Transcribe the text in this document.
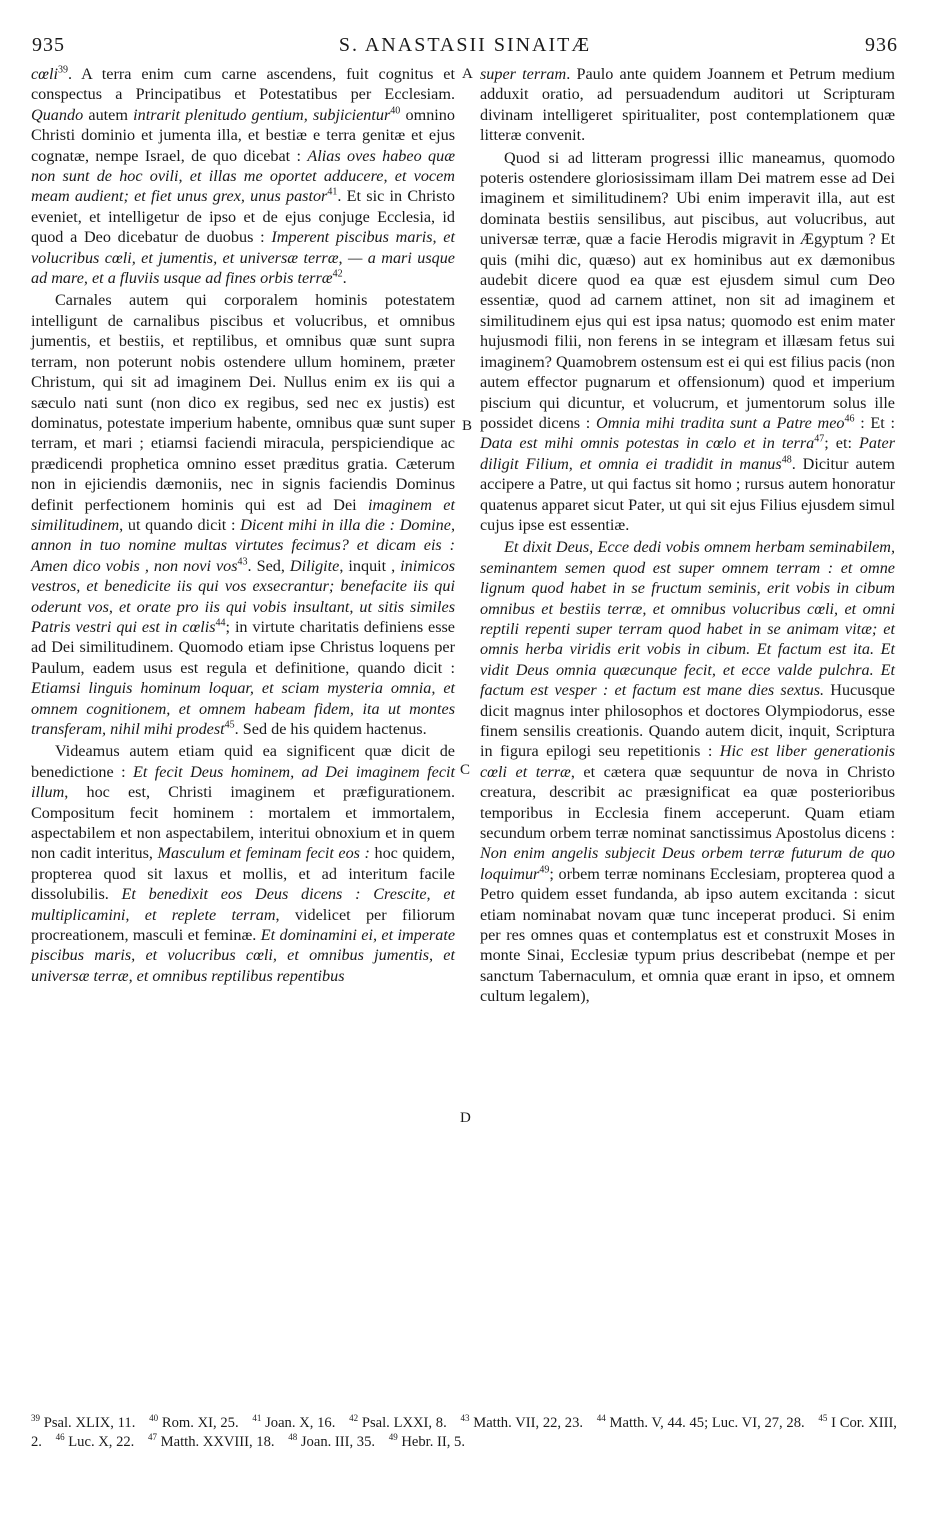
935	S. ANASTASII SINAITÆ	936
A
B
C
D

cœli$^{39}$. A terra enim cum carne ascendens, fuit cognitus et conspectus a Principatibus et Potestatibus per Ecclesiam. Quando autem intrarit plenitudo gentium, subjicientur$^{40}$ omnino Christi dominio et jumenta illa, et bestiæ e terra genitæ et ejus cognatæ, nempe Israel, de quo dicebat : Alias oves habeo quæ non sunt de hoc ovili, et illas me oportet adducere, et vocem meam audient; et fiet unus grex, unus pastor$^{41}$. Et sic in Christo eveniet, et intelligetur de ipso et de ejus conjuge Ecclesia, id quod a Deo dicebatur de duobus : Imperent piscibus maris, et volucribus cœli, et jumentis, et universæ terræ, — a mari usque ad mare, et a fluviis usque ad fines orbis terræ$^{42}$.

Carnales autem qui corporalem hominis potestatem intelligunt de carnalibus piscibus et volucribus, et omnibus jumentis, et bestiis, et reptilibus, et omnibus quæ sunt supra terram, non poterunt nobis ostendere ullum hominem, præter Christum, qui sit ad imaginem Dei. Nullus enim ex iis qui a sæculo nati sunt (non dico ex regibus, sed nec ex justis) est dominatus, potestate imperium habente, omnibus quæ sunt super terram, et mari ; etiamsi faciendi miracula, perspiciendique ac prædicendi prophetica omnino esset præditus gratia. Cæterum non in ejiciendis dæmoniis, nec in signis faciendis Dominus definit perfectionem hominis qui est ad Dei imaginem et similitudinem, ut quando dicit : Dicent mihi in illa die : Domine, annon in tuo nomine multas virtutes fecimus? et dicam eis : Amen dico vobis , non novi vos$^{43}$. Sed, Diligite, inquit , inimicos vestros, et benedicite iis qui vos exsecrantur; benefacite iis qui oderunt vos, et orate pro iis qui vobis insultant, ut sitis similes Patris vestri qui est in cœlis$^{44}$; in virtute charitatis definiens esse ad Dei similitudinem. Quomodo etiam ipse Christus loquens per Paulum, eadem usus est regula et definitione, quando dicit : Etiamsi linguis hominum loquar, et sciam mysteria omnia, et omnem cognitionem, et omnem habeam fidem, ita ut montes transferam, nihil mihi prodest$^{45}$. Sed de his quidem hactenus.

Videamus autem etiam quid ea significent quæ dicit de benedictione : Et fecit Deus hominem, ad Dei imaginem fecit illum, hoc est, Christi imaginem et præfigurationem. Compositum fecit hominem : mortalem et immortalem, aspectabilem et non aspectabilem, interitui obnoxium et in quem non cadit interitus, Masculum et feminam fecit eos : hoc quidem, propterea quod sit laxus et mollis, et ad interitum facile dissolubilis. Et benedixit eos Deus dicens : Crescite, et multiplicamini, et replete terram, videlicet per filiorum procreationem, masculi et feminæ. Et dominamini ei, et imperate piscibus maris, et volucribus cœli, et omnibus jumentis, et universæ terræ, et omnibus reptilibus repentibus

super terram. Paulo ante quidem Joannem et Petrum medium adduxit oratio, ad persuadendum auditori ut Scripturam divinam intelligeret spiritualiter, post contemplationem quæ litteræ convenit.

Quod si ad litteram progressi illic maneamus, quomodo poteris ostendere gloriosissimam illam Dei matrem esse ad Dei imaginem et similitudinem? Ubi enim imperavit illa, aut est dominata bestiis sensilibus, aut piscibus, aut volucribus, aut universæ terræ, quæ a facie Herodis migravit in Ægyptum ? Et quis (mihi dic, quæso) aut ex hominibus aut ex dæmonibus audebit dicere quod ea quæ est ejusdem simul cum Deo essentiæ, quod ad carnem attinet, non sit ad imaginem et similitudinem ejus qui est ipsa natus; quomodo est enim mater hujusmodi filii, non ferens in se integram et illæsam fetus sui imaginem? Quamobrem ostensum est ei qui est filius pacis (non autem effector pugnarum et offensionum) quod et imperium piscium qui dicuntur, et volucrum, et jumentorum solus ille possidet dicens : Omnia mihi tradita sunt a Patre meo$^{46}$ : Et : Data est mihi omnis potestas in cœlo et in terra$^{47}$; et: Pater diligit Filium, et omnia ei tradidit in manus$^{48}$. Dicitur autem accipere a Patre, ut qui factus sit homo ; rursus autem honoratur quatenus apparet sicut Pater, ut qui sit ejus Filius ejusdem simul cujus ipse est essentiæ.

Et dixit Deus, Ecce dedi vobis omnem herbam seminabilem, seminantem semen quod est super omnem terram : et omne lignum quod habet in se fructum seminis, erit vobis in cibum omnibus et bestiis terræ, et omnibus volucribus cœli, et omni reptili repenti super terram quod habet in se animam vitæ; et omnis herba viridis erit vobis in cibum. Et factum est ita. Et vidit Deus omnia quæcunque fecit, et ecce valde pulchra. Et factum est vesper : et factum est mane dies sextus. Hucusque dicit magnus inter philosophos et doctores Olympiodorus, esse finem sensilis creationis. Quando autem dicit, inquit, Scriptura in figura epilogi seu repetitionis : Hic est liber generationis cœli et terræ, et cætera quæ sequuntur de nova in Christo creatura, describit ac præsignificat ea quæ posterioribus temporibus in Ecclesia finem acceperunt. Quam etiam secundum orbem terræ nominat sanctissimus Apostolus dicens : Non enim angelis subjecit Deus orbem terræ futurum de quo loquimur$^{49}$; orbem terræ nominans Ecclesiam, propterea quod a Petro quidem esset fundanda, ab ipso autem excitanda : sicut etiam nominabat novam quæ tunc inceperat produci. Si enim per res omnes quas et contemplatus est et construxit Moses in monte Sinai, Ecclesiæ typum prius describebat (nempe et per sanctum Tabernaculum, et omnia quæ erant in ipso, et omnem cultum legalem),

$^{39}$ Psal. XLIX, 11. $^{40}$ Rom. XI, 25. $^{41}$ Joan. X, 16. $^{42}$ Psal. LXXI, 8. $^{43}$ Matth. VII, 22, 23. $^{44}$ Matth. V, 44. 45; Luc. VI, 27, 28. $^{45}$ I Cor. XIII, 2. $^{46}$ Luc. X, 22. $^{47}$ Matth. XXVIII, 18. $^{48}$ Joan. III, 35. $^{49}$ Hebr. II, 5.
